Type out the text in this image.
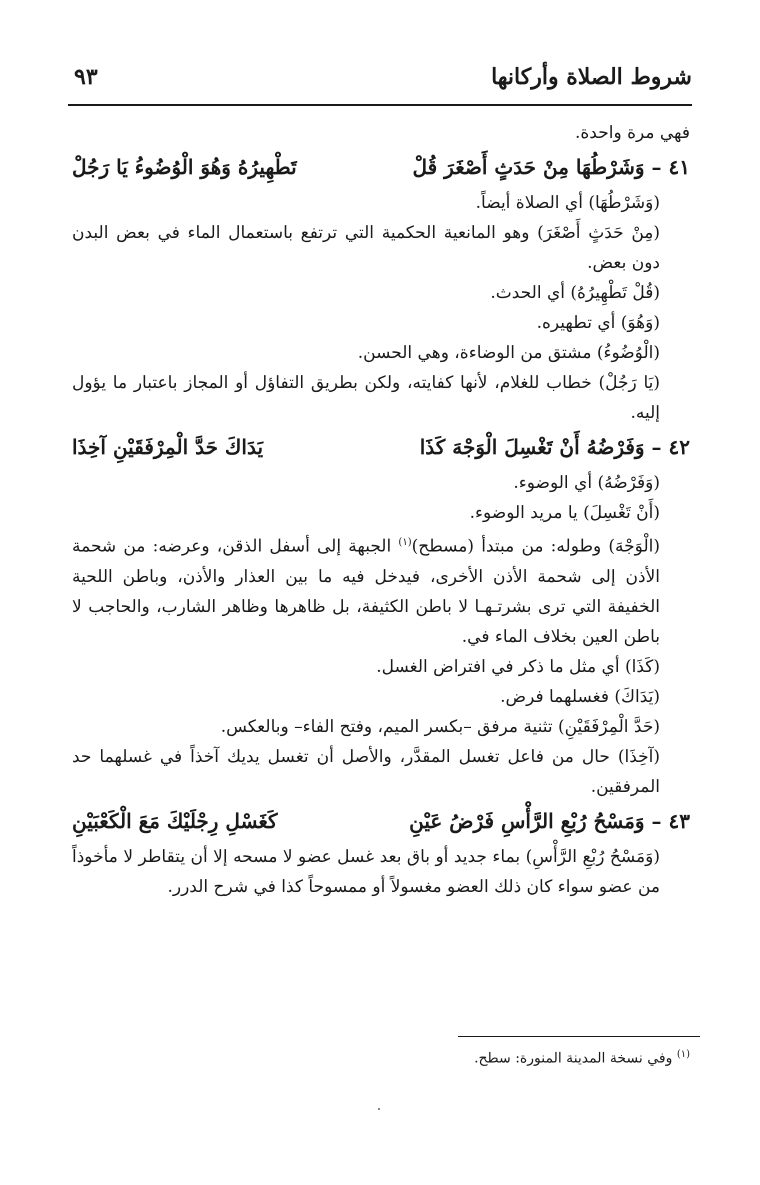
شروط الصلاة وأركانها
٩٣

فهي مرة واحدة.

٤١ – وَشَرْطُهَا مِنْ حَدَثٍ أَصْغَرَ قُلْ
تَطْهِيرُهُ وَهُوَ الْوُضُوءُ يَا رَجُلْ

(وَشَرْطُهَا) أي الصلاة أيضاً.

(مِنْ حَدَثٍ أَصْغَرَ) وهو المانعية الحكمية التي ترتفع باستعمال الماء في بعض البدن دون بعض.

(قُلْ تَطْهِيرُهُ) أي الحدث.

(وَهُوَ) أي تطهيره.

(الْوُضُوءُ) مشتق من الوضاءة، وهي الحسن.

(يَا رَجُلْ) خطاب للغلام، لأنها كفايته، ولكن بطريق التفاؤل أو المجاز باعتبار ما يؤول إليه.

٤٢ – وَفَرْضُهُ أَنْ تَغْسِلَ الْوَجْهَ كَذَا
يَدَاكَ حَدَّ الْمِرْفَقَيْنِ آخِذَا

(وَفَرْضُهُ) أي الوضوء.

(أَنْ تَغْسِلَ) يا مريد الوضوء.

(الْوَجْهَ) وطوله: من مبتدأ (مسطح)$^{(١)}$ الجبهة إلى أسفل الذقن، وعرضه: من شحمة الأذن إلى شحمة الأذن الأخرى، فيدخل فيه ما بين العذار والأذن، وباطن اللحية الخفيفة التي ترى بشرتـهـا لا باطن الكثيفة، بل ظاهرها وظاهر الشارب، والحاجب لا باطن العين بخلاف الماء في.

(كَذَا) أي مثل ما ذكر في افتراض الغسل.

(يَدَاكَ) فغسلهما فرض.

(حَدَّ الْمِرْفَقَيْنِ) تثنية مرفق –بكسر الميم، وفتح الفاء– وبالعكس.

(آخِذَا) حال من فاعل تغسل المقدَّر، والأصل أن تغسل يديك آخذاً في غسلهما حد المرفقين.

٤٣ – وَمَسْحُ رُبْعِ الرَّأْسِ فَرْضُ عَيْنِ
كَغَسْلِ رِجْلَيْكَ مَعَ الْكَعْبَيْنِ

(وَمَسْحُ رُبْعِ الرَّأْسِ) بماء جديد أو باق بعد غسل عضو لا مسحه إلا أن يتقاطر لا مأخوذاً من عضو سواء كان ذلك العضو مغسولاً أو ممسوحاً كذا في شرح الدرر.

$^{(١)}$ وفي نسخة المدينة المنورة: سطح.
